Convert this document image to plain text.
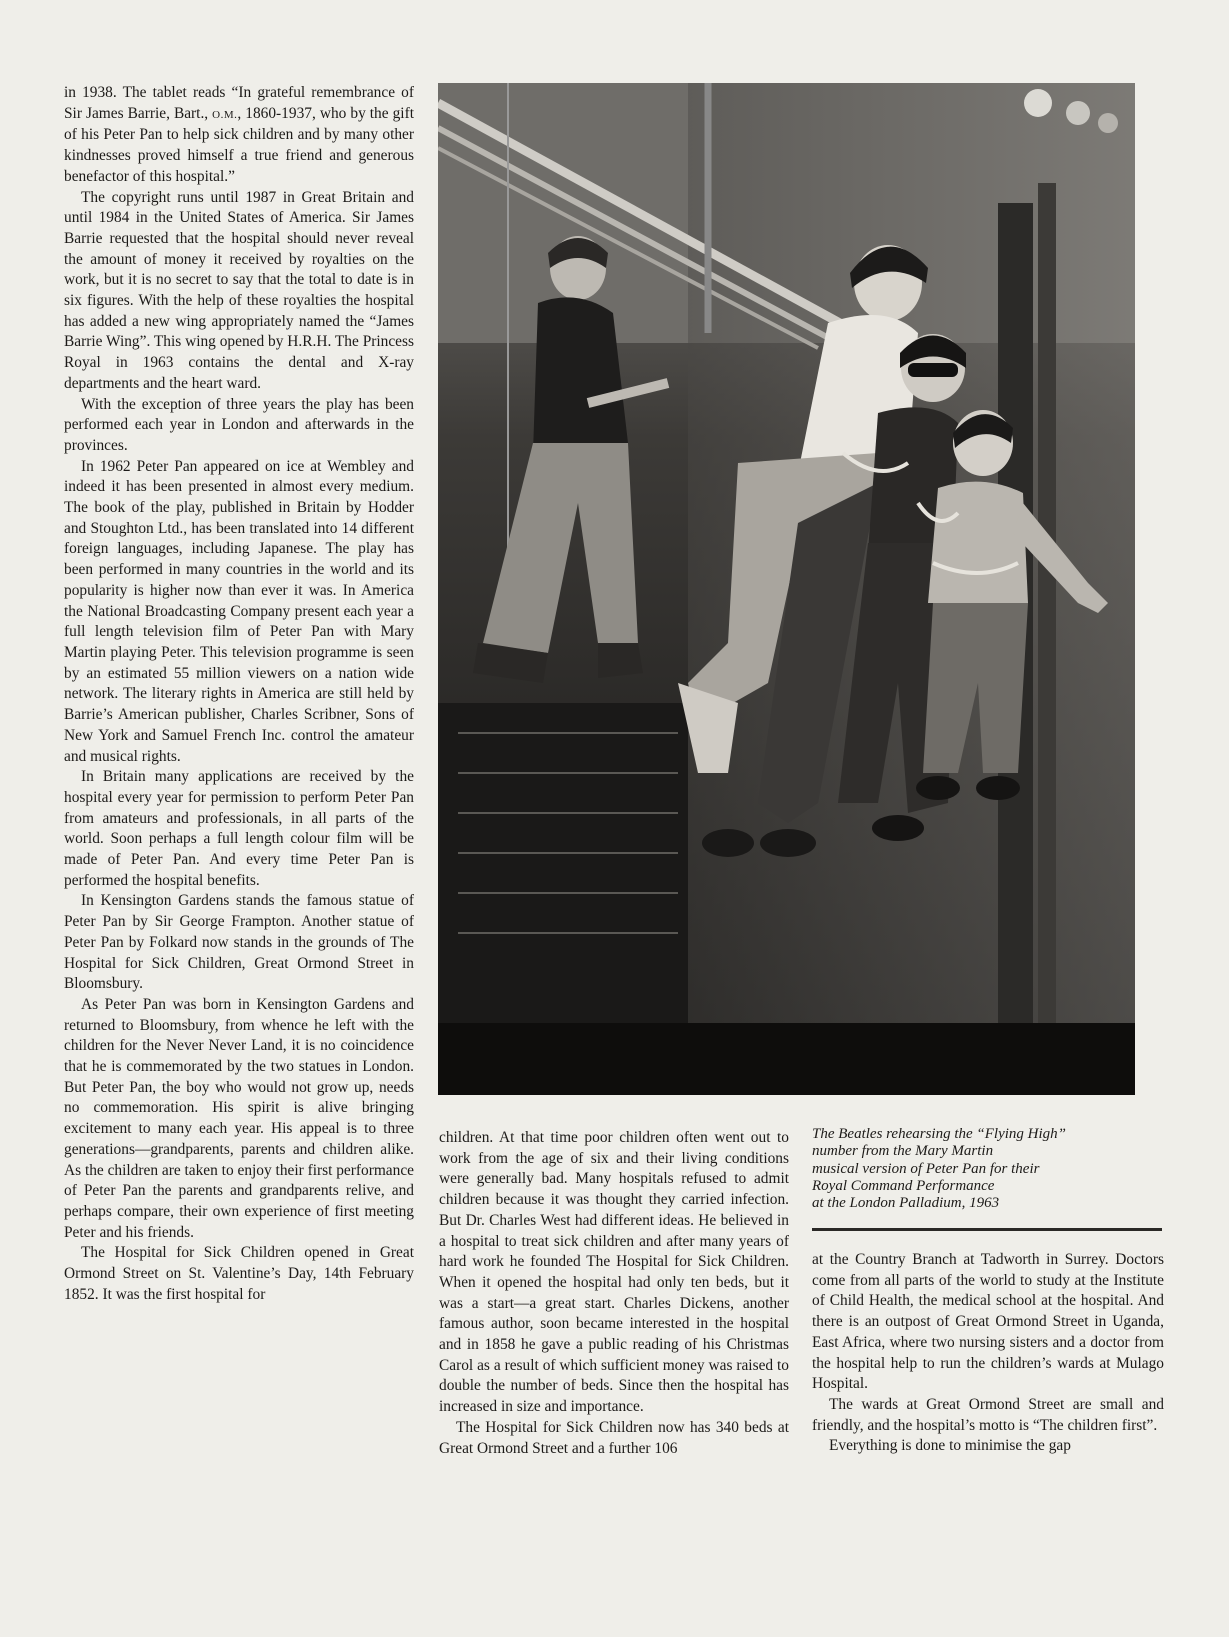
in 1938. The tablet reads “In grateful remembrance of Sir James Barrie, Bart., O.M., 1860-1937, who by the gift of his Peter Pan to help sick children and by many other kindnesses proved himself a true friend and generous benefactor of this hospital.”

The copyright runs until 1987 in Great Britain and until 1984 in the United States of America. Sir James Barrie requested that the hospital should never reveal the amount of money it received by royalties on the work, but it is no secret to say that the total to date is in six figures. With the help of these royalties the hospital has added a new wing appropriately named the “James Barrie Wing”. This wing opened by H.R.H. The Princess Royal in 1963 contains the dental and X-ray departments and the heart ward.

With the exception of three years the play has been performed each year in London and afterwards in the provinces.

In 1962 Peter Pan appeared on ice at Wembley and indeed it has been presented in almost every medium. The book of the play, published in Britain by Hodder and Stoughton Ltd., has been translated into 14 different foreign languages, including Japanese. The play has been performed in many countries in the world and its popularity is higher now than ever it was. In America the National Broadcasting Company present each year a full length television film of Peter Pan with Mary Martin playing Peter. This television programme is seen by an estimated 55 million viewers on a nation wide network. The literary rights in America are still held by Barrie’s American publisher, Charles Scribner, Sons of New York and Samuel French Inc. control the amateur and musical rights.

In Britain many applications are received by the hospital every year for permission to perform Peter Pan from amateurs and professionals, in all parts of the world. Soon perhaps a full length colour film will be made of Peter Pan. And every time Peter Pan is performed the hospital benefits.

In Kensington Gardens stands the famous statue of Peter Pan by Sir George Frampton. Another statue of Peter Pan by Folkard now stands in the grounds of The Hospital for Sick Children, Great Ormond Street in Bloomsbury.

As Peter Pan was born in Kensington Gardens and returned to Bloomsbury, from whence he left with the children for the Never Never Land, it is no coincidence that he is commemorated by the two statues in London. But Peter Pan, the boy who would not grow up, needs no commemoration. His spirit is alive bringing excitement to many each year. His appeal is to three generations—grandparents, parents and children alike. As the children are taken to enjoy their first performance of Peter Pan the parents and grandparents relive, and perhaps compare, their own experience of first meeting Peter and his friends.

The Hospital for Sick Children opened in Great Ormond Street on St. Valentine’s Day, 14th February 1852. It was the first hospital for

children. At that time poor children often went out to work from the age of six and their living conditions were generally bad. Many hospitals refused to admit children because it was thought they carried infection. But Dr. Charles West had different ideas. He believed in a hospital to treat sick children and after many years of hard work he founded The Hospital for Sick Children. When it opened the hospital had only ten beds, but it was a start—a great start. Charles Dickens, another famous author, soon became interested in the hospital and in 1858 he gave a public reading of his Christmas Carol as a result of which sufficient money was raised to double the number of beds. Since then the hospital has increased in size and importance.

The Hospital for Sick Children now has 340 beds at Great Ormond Street and a further 106

The Beatles rehearsing the “Flying High”
number from the Mary Martin
musical version of Peter Pan for their
Royal Command Performance
at the London Palladium, 1963

at the Country Branch at Tadworth in Surrey. Doctors come from all parts of the world to study at the Institute of Child Health, the medical school at the hospital. And there is an outpost of Great Ormond Street in Uganda, East Africa, where two nursing sisters and a doctor from the hospital help to run the children’s wards at Mulago Hospital.

The wards at Great Ormond Street are small and friendly, and the hospital’s motto is “The children first”.

Everything is done to minimise the gap
